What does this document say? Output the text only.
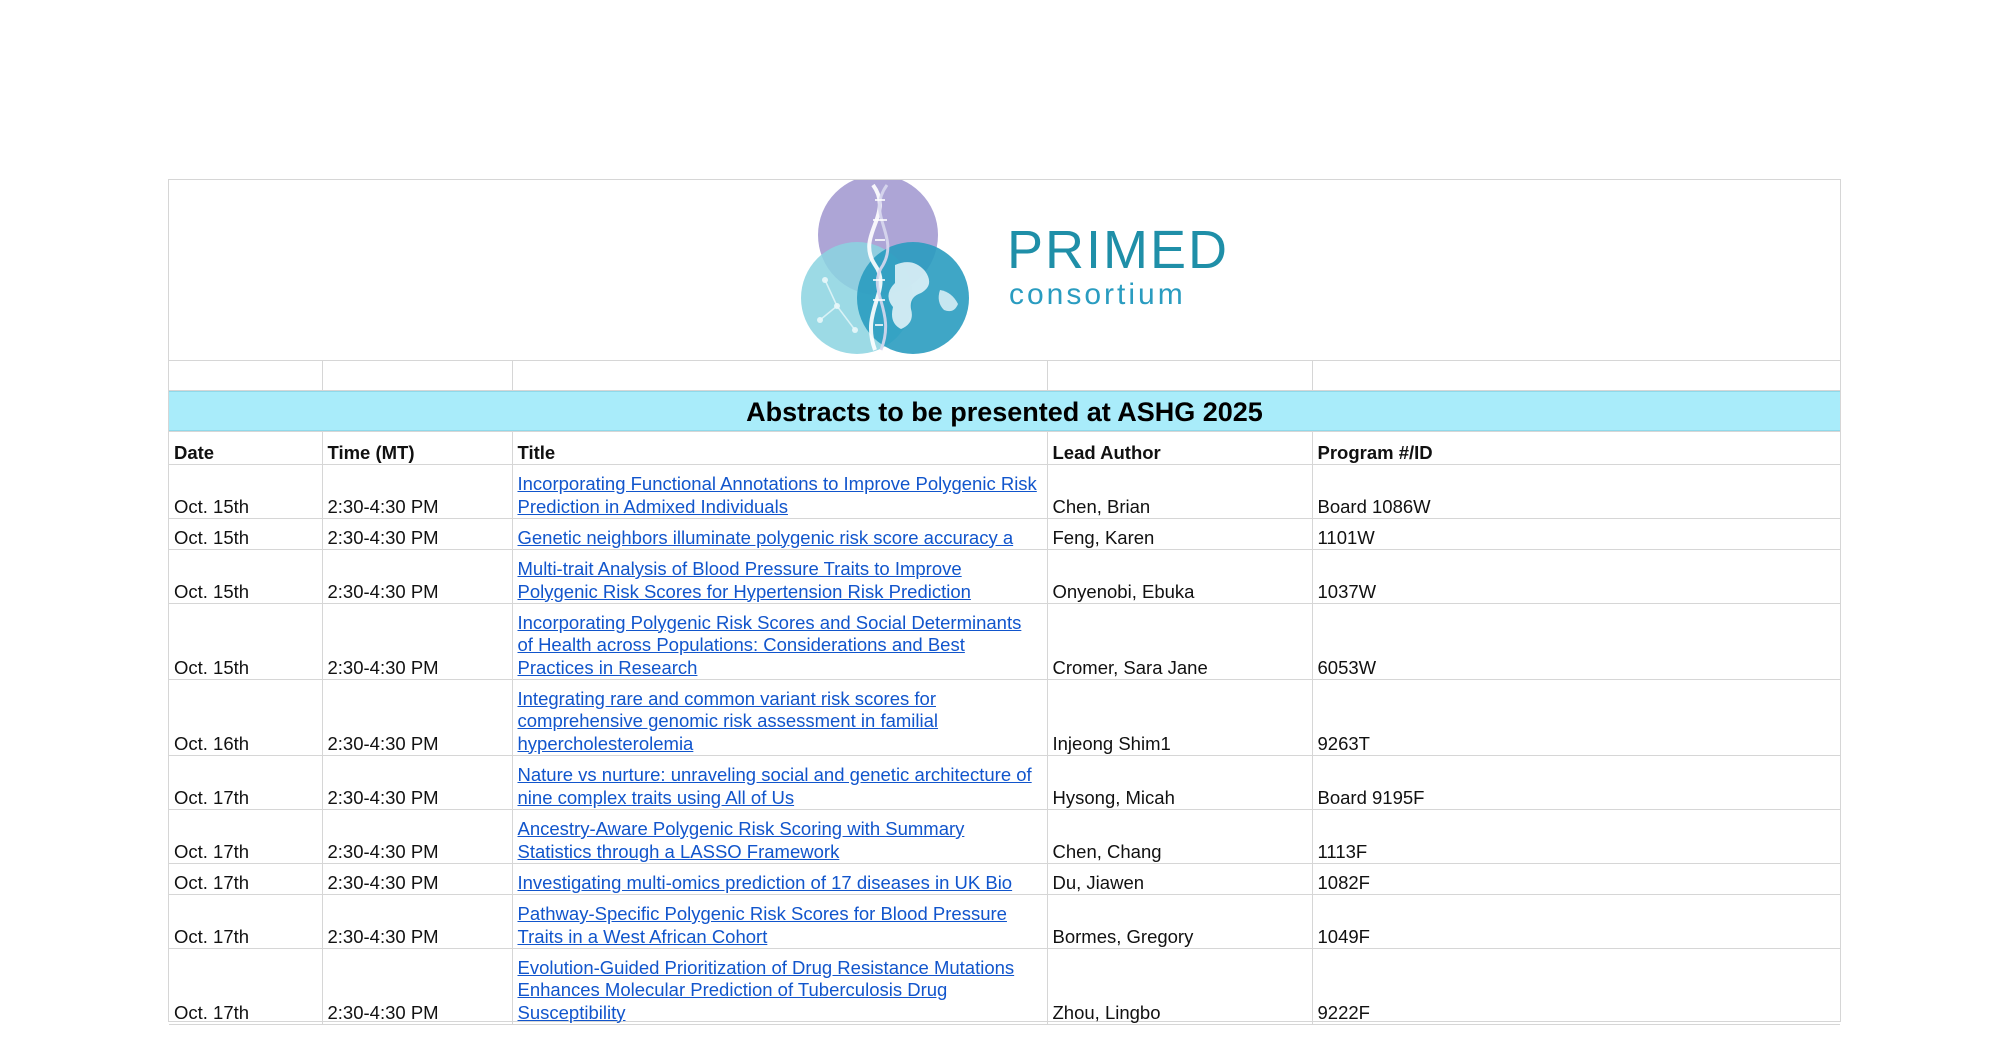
PRIMED
consortium
Abstracts to be presented at ASHG 2025
Date	Time (MT)	Title	Lead Author	Program #/ID
Oct. 15th	2:30-4:30 PM	Incorporating Functional Annotations to Improve Polygenic Risk Prediction in Admixed Individuals	Chen, Brian	Board 1086W
Oct. 15th	2:30-4:30 PM	Genetic neighbors illuminate polygenic risk score accuracy a	Feng, Karen	1101W
Oct. 15th	2:30-4:30 PM	Multi-trait Analysis of Blood Pressure Traits to Improve Polygenic Risk Scores for Hypertension Risk Prediction	Onyenobi, Ebuka	1037W
Oct. 15th	2:30-4:30 PM	Incorporating Polygenic Risk Scores and Social Determinants of Health across Populations: Considerations and Best Practices in Research	Cromer, Sara Jane	6053W
Oct. 16th	2:30-4:30 PM	Integrating rare and common variant risk scores for comprehensive genomic risk assessment in familial hypercholesterolemia	Injeong Shim1	9263T
Oct. 17th	2:30-4:30 PM	Nature vs nurture: unraveling social and genetic architecture of nine complex traits using All of Us	Hysong, Micah	Board 9195F
Oct. 17th	2:30-4:30 PM	Ancestry-Aware Polygenic Risk Scoring with Summary Statistics through a LASSO Framework	Chen, Chang	1113F
Oct. 17th	2:30-4:30 PM	Investigating multi-omics prediction of 17 diseases in UK Bio	Du, Jiawen	1082F
Oct. 17th	2:30-4:30 PM	Pathway-Specific Polygenic Risk Scores for Blood Pressure Traits in a West African Cohort	Bormes, Gregory	1049F
Oct. 17th	2:30-4:30 PM	Evolution-Guided Prioritization of Drug Resistance Mutations Enhances Molecular Prediction of Tuberculosis Drug Susceptibility	Zhou, Lingbo	9222F
